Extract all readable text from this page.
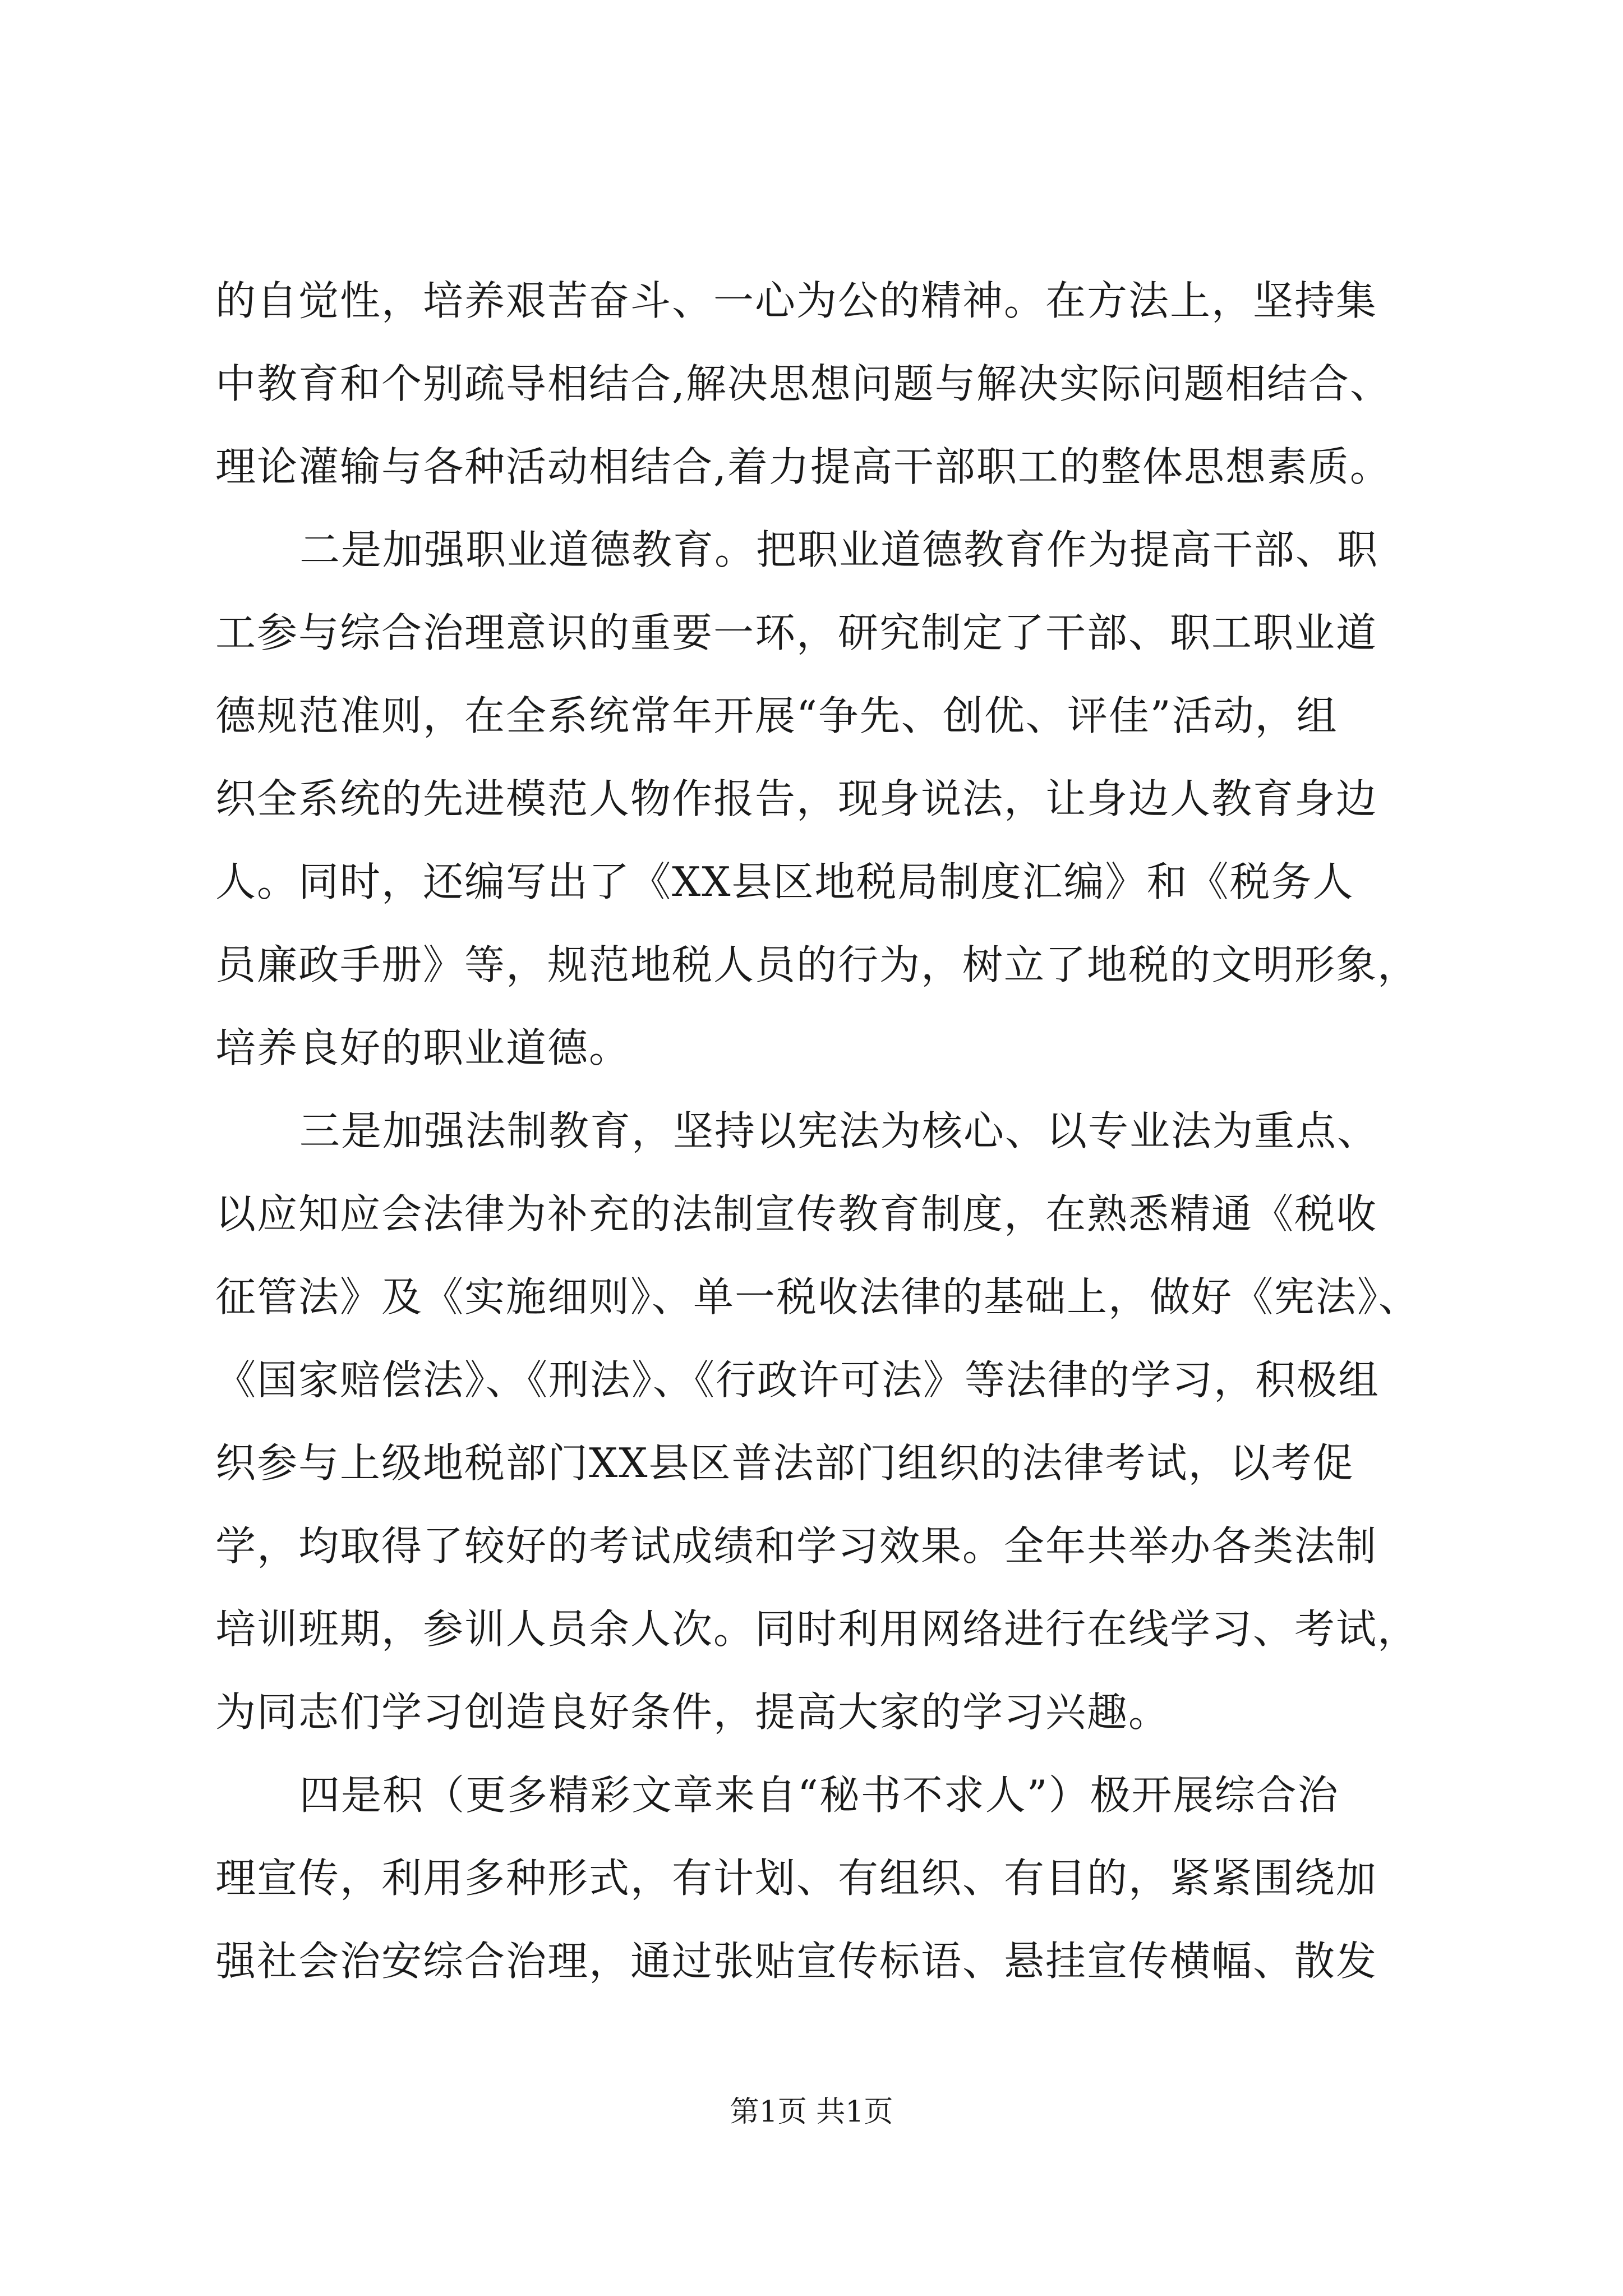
的自觉性，培养艰苦奋斗、一心为公的精神。在方法上，坚持集
中教育和个别疏导相结合,解决思想问题与解决实际问题相结合、
理论灌输与各种活动相结合,着力提高干部职工的整体思想素质。
二是加强职业道德教育。把职业道德教育作为提高干部、职
工参与综合治理意识的重要一环，研究制定了干部、职工职业道
德规范准则，在全系统常年开展“争先、创优、评佳”活动，组
织全系统的先进模范人物作报告，现身说法，让身边人教育身边
人。同时，还编写出了《XX县区地税局制度汇编》和《税务人
员廉政手册》等，规范地税人员的行为，树立了地税的文明形象，
培养良好的职业道德。
三是加强法制教育，坚持以宪法为核心、以专业法为重点、
以应知应会法律为补充的法制宣传教育制度，在熟悉精通《税收
征管法》及《实施细则》、单一税收法律的基础上，做好《宪法》、
《国家赔偿法》、《刑法》、《行政许可法》等法律的学习，积极组
织参与上级地税部门XX县区普法部门组织的法律考试，以考促
学，均取得了较好的考试成绩和学习效果。全年共举办各类法制
培训班期，参训人员余人次。同时利用网络进行在线学习、考试，
为同志们学习创造良好条件，提高大家的学习兴趣。
四是积（更多精彩文章来自“秘书不求人”）极开展综合治
理宣传，利用多种形式，有计划、有组织、有目的，紧紧围绕加
强社会治安综合治理，通过张贴宣传标语、悬挂宣传横幅、散发
第1页 共1页
